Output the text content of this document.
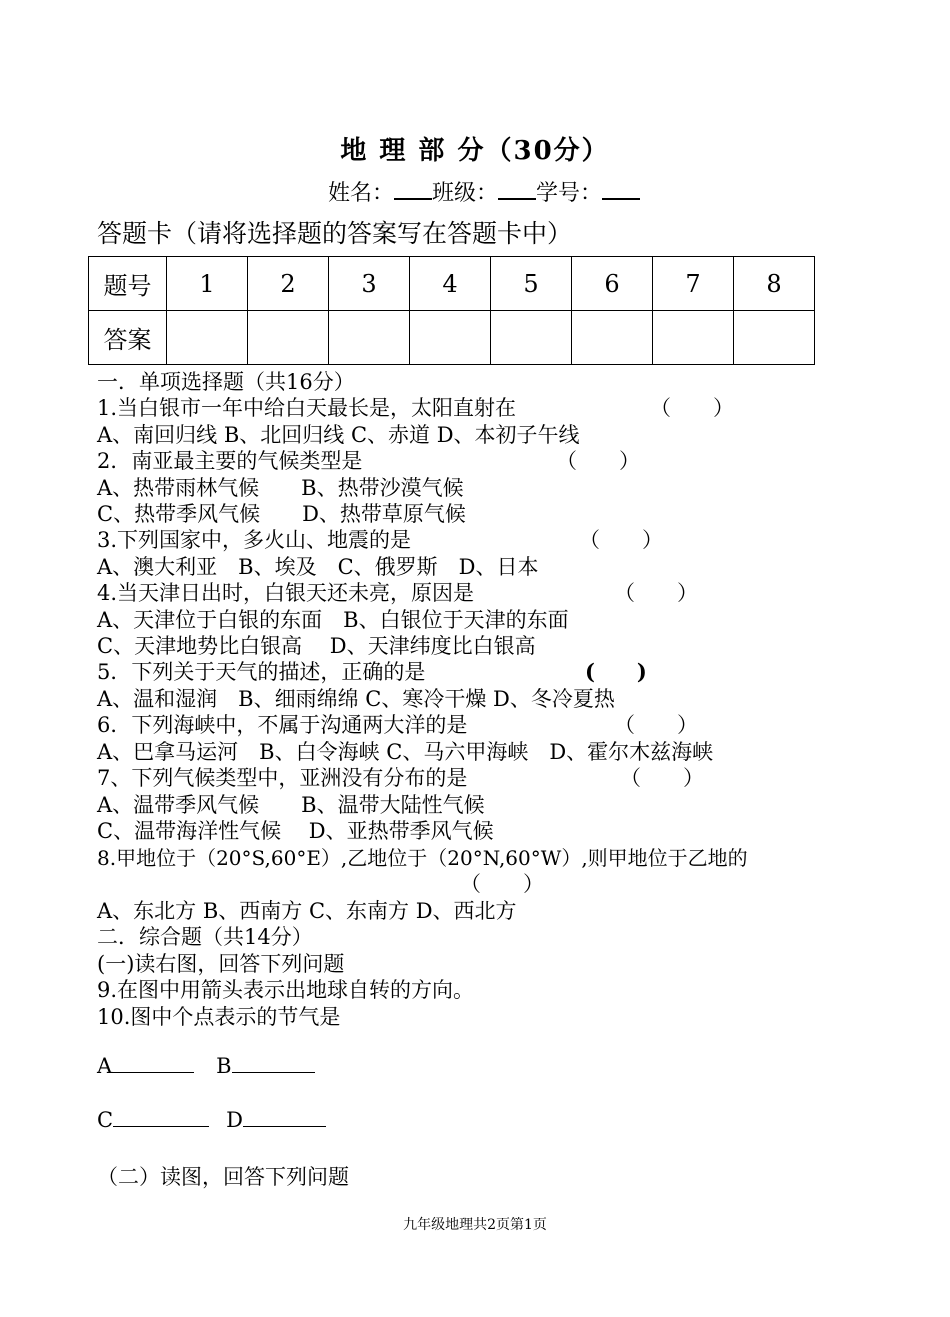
地 理 部 分（30分）
姓名： 班级： 学号：
答题卡（请将选择题的答案写在答题卡中）
题号	1	2	3	4	5	6	7	8
答案								
一．单项选择题（共16分）
1.当白银市一年中给白天最长是，太阳直射在	（　　）
A、南回归线 B、北回归线 C、赤道 D、本初子午线
2．南亚最主要的气候类型是	（　　）
A、热带雨林气候　　B、热带沙漠气候
C、热带季风气候　　D、热带草原气候
3.下列国家中，多火山、地震的是	（　　）
A、澳大利亚　B、埃及　C、俄罗斯　D、日本
4.当天津日出时，白银天还未亮，原因是	（　　）
A、天津位于白银的东面　B、白银位于天津的东面
C、天津地势比白银高　 D、天津纬度比白银高
5．下列关于天气的描述，正确的是	(　　)
A、温和湿润　B、细雨绵绵 C、寒冷干燥 D、冬冷夏热
6．下列海峡中，不属于沟通两大洋的是	（　　）
A、巴拿马运河　B、白令海峡 C、马六甲海峡　D、霍尔木兹海峡
7、下列气候类型中，亚洲没有分布的是	（　　）
A、温带季风气候　　B、温带大陆性气候
C、温带海洋性气候　 D、亚热带季风气候
8.甲地位于（20°S,60°E）,乙地位于（20°N,60°W）,则甲地位于乙地的
（　　）
A、东北方 B、西南方 C、东南方 D、西北方
二．综合题（共14分）
(一)读右图，回答下列问题
9.在图中用箭头表示出地球自转的方向。
10.图中个点表示的节气是
A	B
C	D
（二）读图，回答下列问题
九年级地理共2页第1页
